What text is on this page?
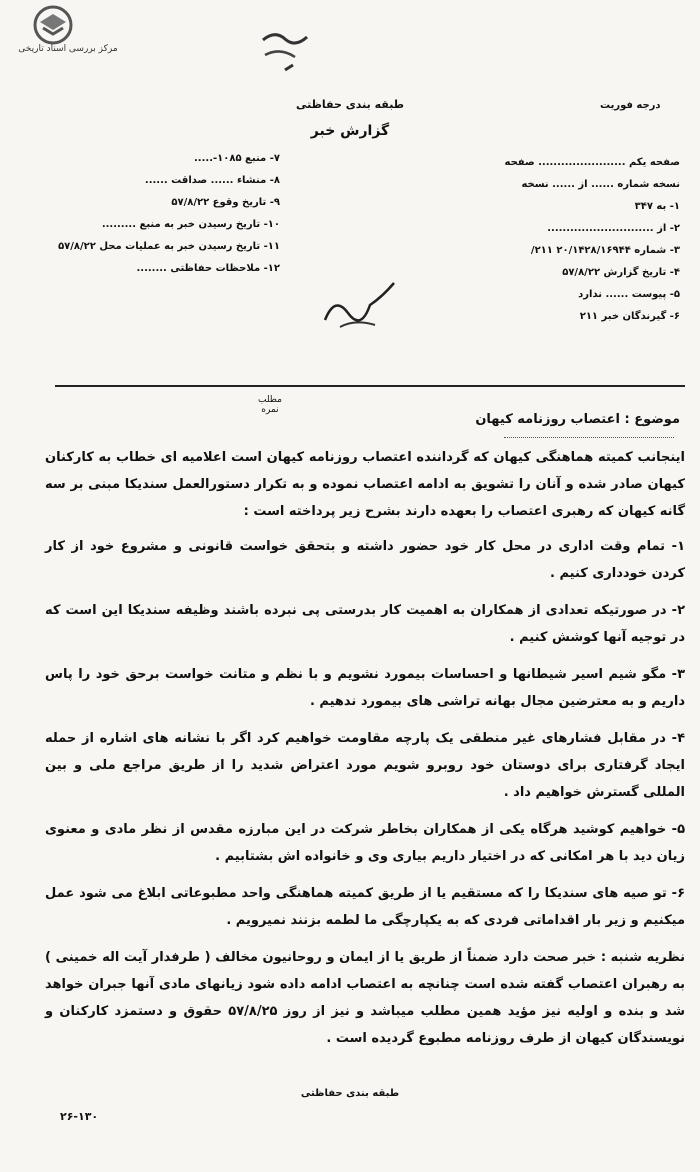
مرکز بررسی اسناد تاریخی
طبقه بندی حفاظتی
گزارش خبر
درجه فوریت
۷- منبع ۱۰۸۵-.....
۸- منشاء ...... صداقت ......
۹- تاریخ وقوع ۵۷/۸/۲۲
۱۰- تاریخ رسیدن خبر به منبع .........
۱۱- تاریخ رسیدن خبر به عملیات محل ۵۷/۸/۲۲
۱۲- ملاحظات حفاظتی ........
صفحه یکم ....................... صفحه
نسخه شماره ...... از ...... نسخه
۱- به ۳۴۷
۲- از ............................
۳- شماره ۲۰/۱۴۲۸/۱۶۹۴۴ ۲۱۱/
۴- تاریخ گزارش ۵۷/۸/۲۲
۵- پیوست ...... ندارد
۶- گیرندگان خبر ۲۱۱
مطلب
نمره
موضوع : اعتصاب روزنامه کیهان

اینجانب کمیته هماهنگی کیهان که گرداننده اعتصاب روزنامه کیهان است اعلامیه ای خطاب به کارکنان کیهان صادر شده و آنان را تشویق به ادامه اعتصاب نموده و به تکرار دستورالعمل سندیکا مبنی بر سه گانه کیهان که رهبری اعتصاب را بعهده دارند بشرح زیر پرداخته است :

۱- تمام وقت اداری در محل کار خود حضور داشته و بتحقق خواست قانونی و مشروع خود از کار کردن خودداری کنیم .

۲- در صورتیکه تعدادی از همکاران به اهمیت کار بدرستی پی نبرده باشند وظیفه سندیکا این است که در توجیه آنها کوشش کنیم .

۳- مگو شیم اسیر شیطانها و احساسات بیمورد نشویم و با نظم و متانت خواست برحق خود را پاس داریم و به معترضین مجال بهانه تراشی های بیمورد ندهیم .

۴- در مقابل فشارهای غیر منطقی یک پارچه مقاومت خواهیم کرد اگر با نشانه های اشاره از حمله ایجاد گرفتاری برای دوستان خود روبرو شویم مورد اعتراض شدید را از طریق مراجع ملی و بین المللی گسترش خواهیم داد .

۵- خواهیم کوشید هرگاه یکی از همکاران بخاطر شرکت در این مبارزه مقدس از نظر مادی و معنوی زیان دید با هر امکانی که در اختیار داریم بیاری وی و خانواده اش بشتابیم .

۶- تو صیه های سندیکا را که مستقیم یا از طریق کمیته هماهنگی واحد مطبوعاتی ابلاغ می شود عمل میکنیم و زیر بار اقداماتی فردی که به یکپارچگی ما لطمه بزنند نمیرویم .

نظریه شنبه : خبر صحت دارد ضمناً از طریق یا از ایمان و روحانیون مخالف ( طرفدار آیت اله خمینی ) به رهبران اعتصاب گفته شده است چنانچه به اعتصاب ادامه داده شود زیانهای مادی آنها جبران خواهد شد و بنده و اولیه نیز مؤید همین مطلب میباشد و نیز از روز ۵۷/۸/۲۵ حقوق و دستمزد کارکنان و نویسندگان کیهان از طرف روزنامه مطبوع گردیده است .

طبقه بندی حفاظتی
۲۶-۱۳۰
